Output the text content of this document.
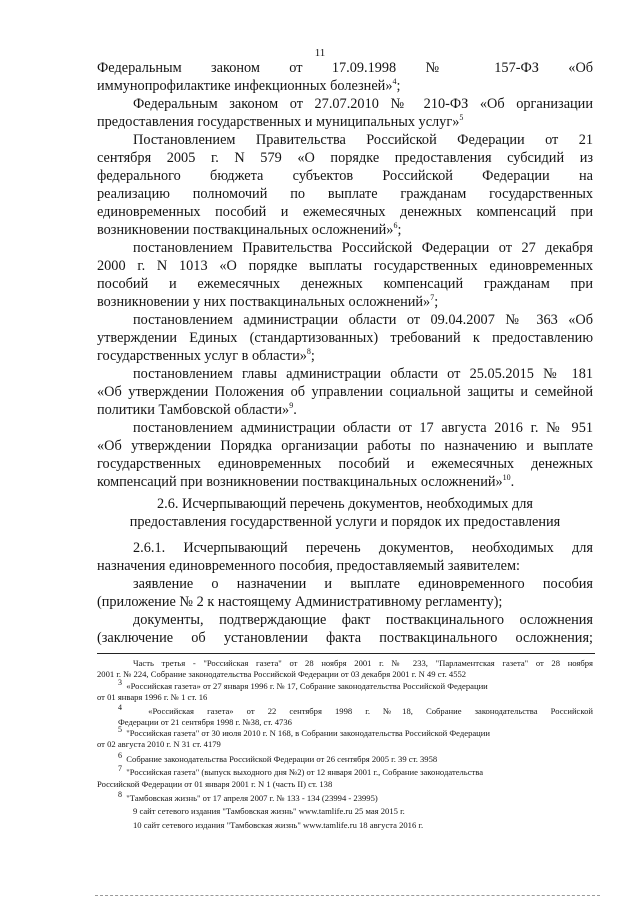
11
Федеральным законом от 17.09.1998 № 157-ФЗ «Об
иммунопрофилактике инфекционных болезней»$^4$;
Федеральным законом от 27.07.2010 № 210-ФЗ «Об организации
предоставления государственных и муниципальных услуг»$^5$
Постановлением Правительства Российской Федерации от 21
сентября 2005 г. N 579 «О порядке предоставления субсидий из
федерального бюджета субъектов Российской Федерации на
реализацию полномочий по выплате гражданам государственных
единовременных пособий и ежемесячных денежных компенсаций при
возникновении поствакцинальных осложнений»$^6$;
постановлением Правительства Российской Федерации от 27 декабря
2000 г. N 1013 «О порядке выплаты государственных единовременных
пособий и ежемесячных денежных компенсаций гражданам при
возникновении у них поствакцинальных осложнений»$^7$;
постановлением администрации области от 09.04.2007 № 363 «Об
утверждении Единых (стандартизованных) требований к предоставлению
государственных услуг в области»$^8$;
постановлением главы администрации области от 25.05.2015 № 181
«Об утверждении Положения об управлении социальной защиты и семейной
политики Тамбовской области»$^9$.
постановлением администрации области от 17 августа 2016 г. № 951
«Об утверждении Порядка организации работы по назначению и выплате
государственных единовременных пособий и ежемесячных денежных
компенсаций при возникновении поствакцинальных осложнений»$^{10}$.
2.6. Исчерпывающий перечень документов, необходимых для
предоставления государственной услуги и порядок их предоставления
2.6.1. Исчерпывающий перечень документов, необходимых для
назначения единовременного пособия, предоставляемый заявителем:
заявление о назначении и выплате единовременного пособия
(приложение № 2 к настоящему Административному регламенту);
документы, подтверждающие факт поствакцинального осложнения
(заключение об установлении факта поствакцинального осложнения;
Часть третья - "Российская газета" от 28 ноября 2001 г. № 233, "Парламентская газета" от 28 ноября
2001 г. № 224, Собрание законодательства Российской Федерации от 03 декабря 2001 г. N 49 ст. 4552
$^3$ «Российская газета» от 27 января 1996 г. № 17, Собрание законодательства Российской Федерации
от 01 января 1996 г. № 1 ст. 16
$^4$	«Российская газета» от 22 сентября 1998 г. №18, Собрание законодательства Российской
Федерации от 21 сентября 1998 г. №38, ст. 4736
$^5$ "Российская газета" от 30 июля 2010 г. N 168, в Собрании законодательства Российской Федерации
от 02 августа 2010 г. N 31 ст. 4179
$^6$ Собрание законодательства Российской Федерации от 26 сентября 2005 г. 39 ст. 3958
$^7$ "Российская газета" (выпуск выходного дня №2) от 12 января 2001 г., Собрание законодательства
Российской Федерации от 01 января 2001 г. N 1 (часть II) ст. 138
$^8$ "Тамбовская жизнь" от 17 апреля 2007 г. № 133 - 134 (23994 - 23995)
9 сайт сетевого издания "Тамбовская жизнь" www.tamlife.ru 25 мая 2015 г.
10 сайт сетевого издания "Тамбовская жизнь" www.tamlife.ru 18 августа 2016 г.
